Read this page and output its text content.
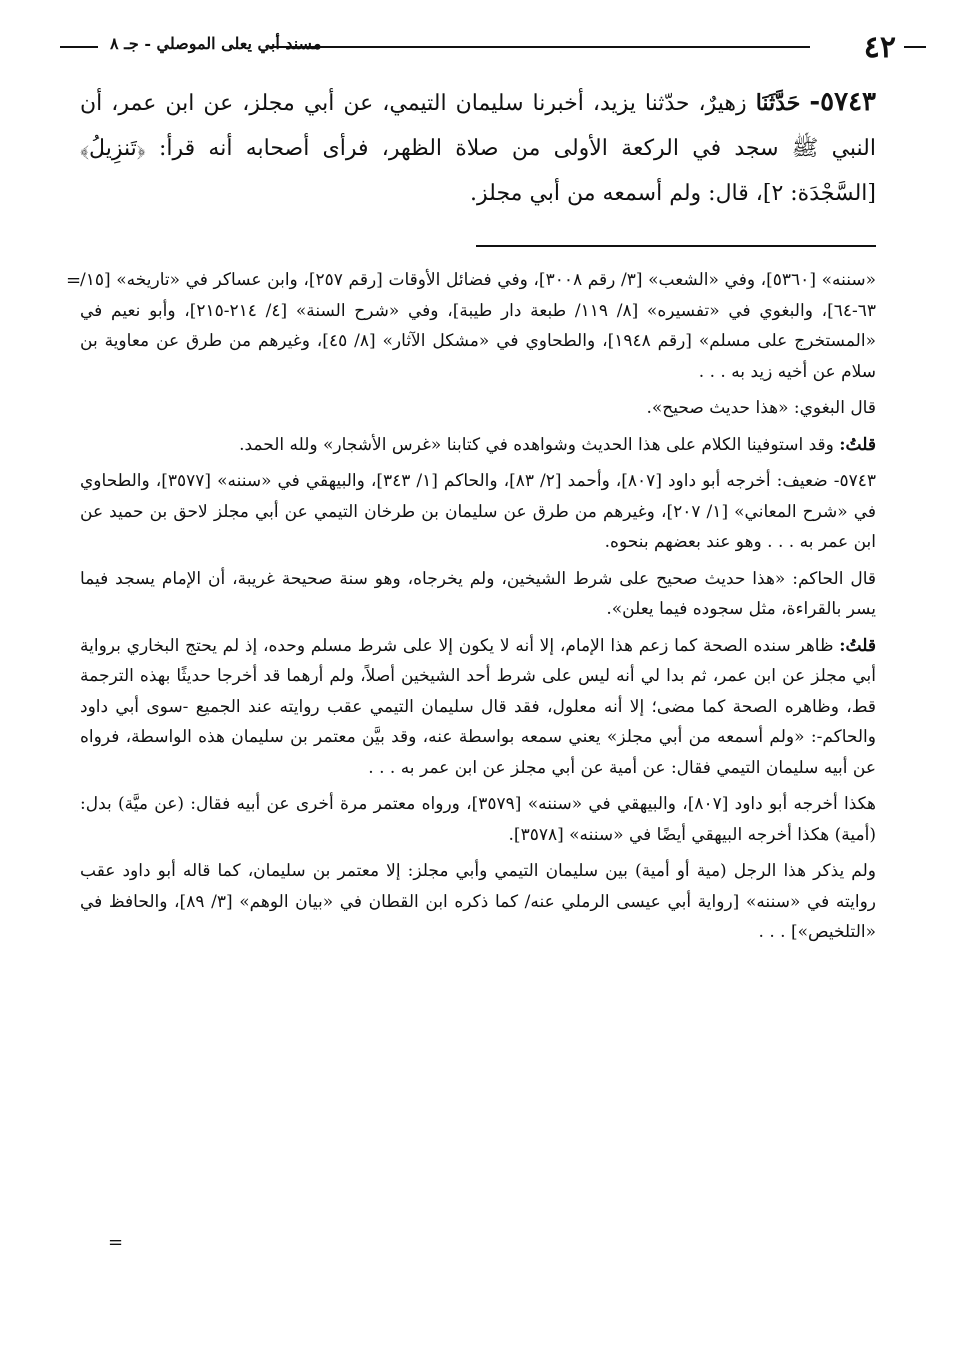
٤٢
مسند أبي يعلى الموصلي - جـ ٨
٥٧٤٣- حَدَّثَنَا زهيرٌ، حدّثنا يزيد، أخبرنا سليمان التيمي، عن أبي مجلز، عن ابن عمر، أن النبي ﷺ سجد في الركعة الأولى من صلاة الظهر، فرأى أصحابه أنه قرأ: ﴿تَنزِيلُ﴾ [السَّجْدَة: ٢]، قال: ولم أسمعه من أبي مجلز.
=

«سننه» [٥٣٦٠]، وفي «الشعب» [٣/ رقم ٣٠٠٨]، وفي فضائل الأوقات [رقم ٢٥٧]، وابن عساكر في «تاريخه» [١٥/ ٦٣-٦٤]، والبغوي في «تفسيره» [٨/ ١١٩/ طبعة دار طيبة]، وفي «شرح السنة» [٤/ ٢١٤-٢١٥]، وأبو نعيم في «المستخرج على مسلم» [رقم ١٩٤٨]، والطحاوي في «مشكل الآثار» [٨/ ٤٥]، وغيرهم من طرق عن معاوية بن سلام عن أخيه زيد به . . .

قال البغوي: «هذا حديث صحيح».

قلتُ: وقد استوفينا الكلام على هذا الحديث وشواهده في كتابنا «غرس الأشجار» ولله الحمد.

٥٧٤٣- ضعيف: أخرجه أبو داود [٨٠٧]، وأحمد [٢/ ٨٣]، والحاكم [١/ ٣٤٣]، والبيهقي في «سننه» [٣٥٧٧]، والطحاوي في «شرح المعاني» [١/ ٢٠٧]، وغيرهم من طرق عن سليمان بن طرخان التيمي عن أبي مجلز لاحق بن حميد عن ابن عمر به . . . وهو عند بعضهم بنحوه.

قال الحاكم: «هذا حديث صحيح على شرط الشيخين، ولم يخرجاه، وهو سنة صحيحة غريبة، أن الإمام يسجد فيما يسر بالقراءة، مثل سجوده فيما يعلن».

قلتُ: ظاهر سنده الصحة كما زعم هذا الإمام، إلا أنه لا يكون إلا على شرط مسلم وحده، إذ لم يحتج البخاري برواية أبي مجلز عن ابن عمر، ثم بدا لي أنه ليس على شرط أحد الشيخين أصلاً، ولم أرهما قد أخرجا حديثًا بهذه الترجمة قط، وظاهره الصحة كما مضى؛ إلا أنه معلول، فقد قال سليمان التيمي عقب روايته عند الجميع -سوى أبي داود والحاكم-: «ولم أسمعه من أبي مجلز» يعني سمعه بواسطة عنه، وقد بيَّن معتمر بن سليمان هذه الواسطة، فرواه عن أبيه سليمان التيمي فقال: عن أمية عن أبي مجلز عن ابن عمر به . . .

هكذا أخرجه أبو داود [٨٠٧]، والبيهقي في «سننه» [٣٥٧٩]، ورواه معتمر مرة أخرى عن أبيه فقال: (عن ميَّة) بدل: (أمية) هكذا أخرجه البيهقي أيضًا في «سننه» [٣٥٧٨].

ولم يذكر هذا الرجل (مية أو أمية) بين سليمان التيمي وأبي مجلز: إلا معتمر بن سليمان، كما قاله أبو داود عقب روايته في «سننه» [رواية أبي عيسى الرملي عنه/ كما ذكره ابن القطان في «بيان الوهم» [٣/ ٨٩]، والحافظ في «التلخيص»] . . .

=
